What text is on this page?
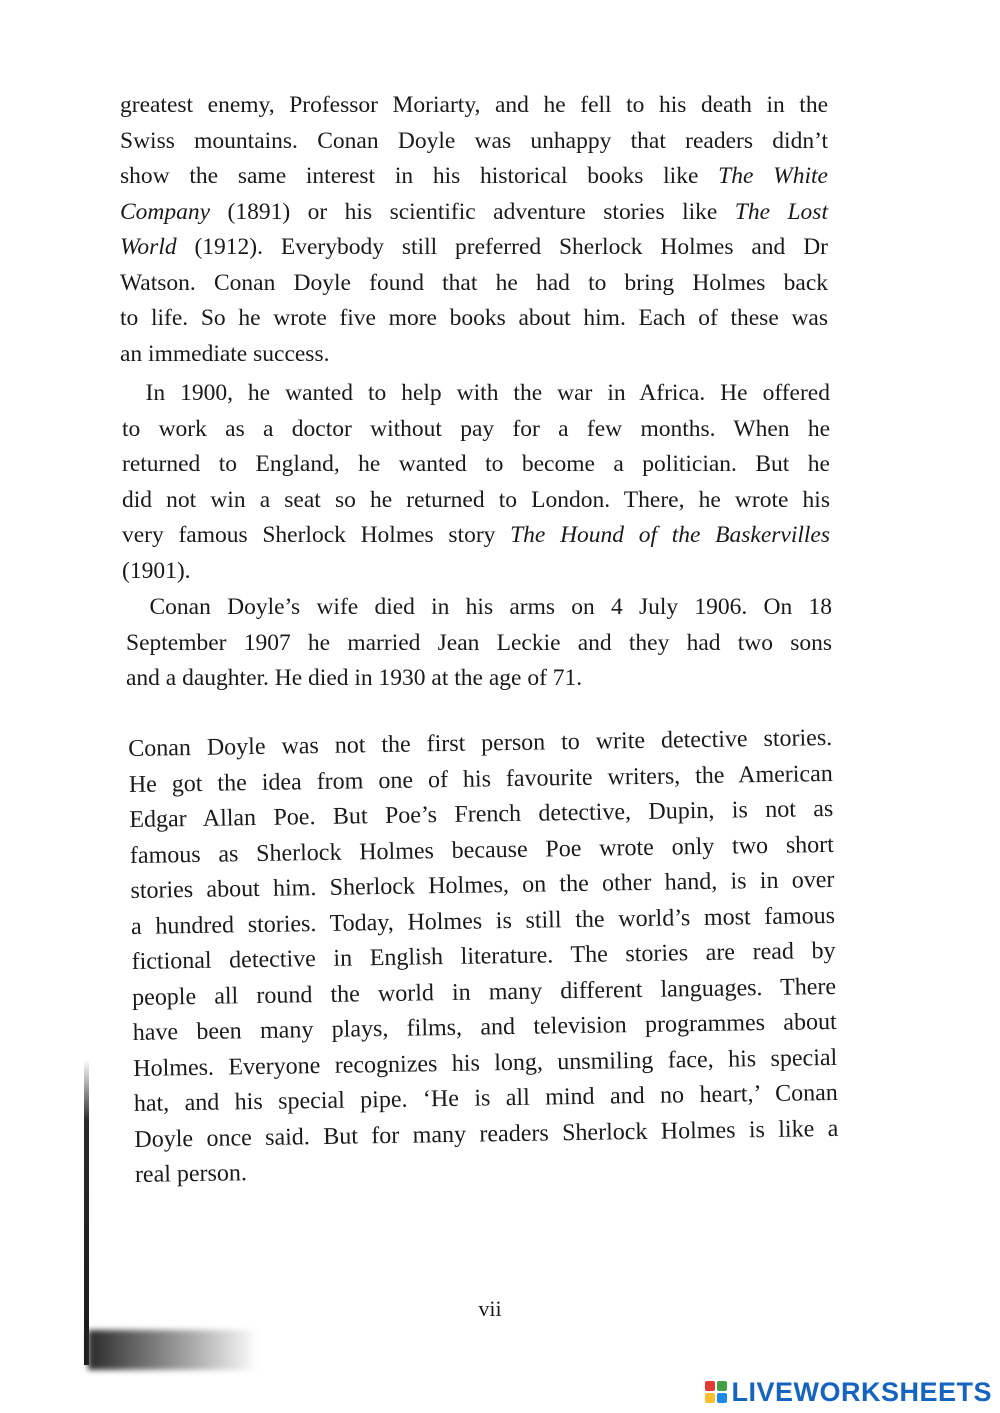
greatest enemy, Professor Moriarty, and he fell to his death in the
Swiss mountains. Conan Doyle was unhappy that readers didn’t
show the same interest in his historical books like The White
Company (1891) or his scientific adventure stories like The Lost
World (1912). Everybody still preferred Sherlock Holmes and Dr
Watson. Conan Doyle found that he had to bring Holmes back
to life. So he wrote five more books about him. Each of these was
an immediate success.
 In 1900, he wanted to help with the war in Africa. He offered
to work as a doctor without pay for a few months. When he
returned to England, he wanted to become a politician. But he
did not win a seat so he returned to London. There, he wrote his
very famous Sherlock Holmes story The Hound of the Baskervilles
(1901).
 Conan Doyle’s wife died in his arms on 4 July 1906. On 18
September 1907 he married Jean Leckie and they had two sons
and a daughter. He died in 1930 at the age of 71.
Conan Doyle was not the first person to write detective stories.
He got the idea from one of his favourite writers, the American
Edgar Allan Poe. But Poe’s French detective, Dupin, is not as
famous as Sherlock Holmes because Poe wrote only two short
stories about him. Sherlock Holmes, on the other hand, is in over
a hundred stories. Today, Holmes is still the world’s most famous
fictional detective in English literature. The stories are read by
people all round the world in many different languages. There
have been many plays, films, and television programmes about
Holmes. Everyone recognizes his long, unsmiling face, his special
hat, and his special pipe. ‘He is all mind and no heart,’ Conan
Doyle once said. But for many readers Sherlock Holmes is like a
real person.
vii
LIVEWORKSHEETS
